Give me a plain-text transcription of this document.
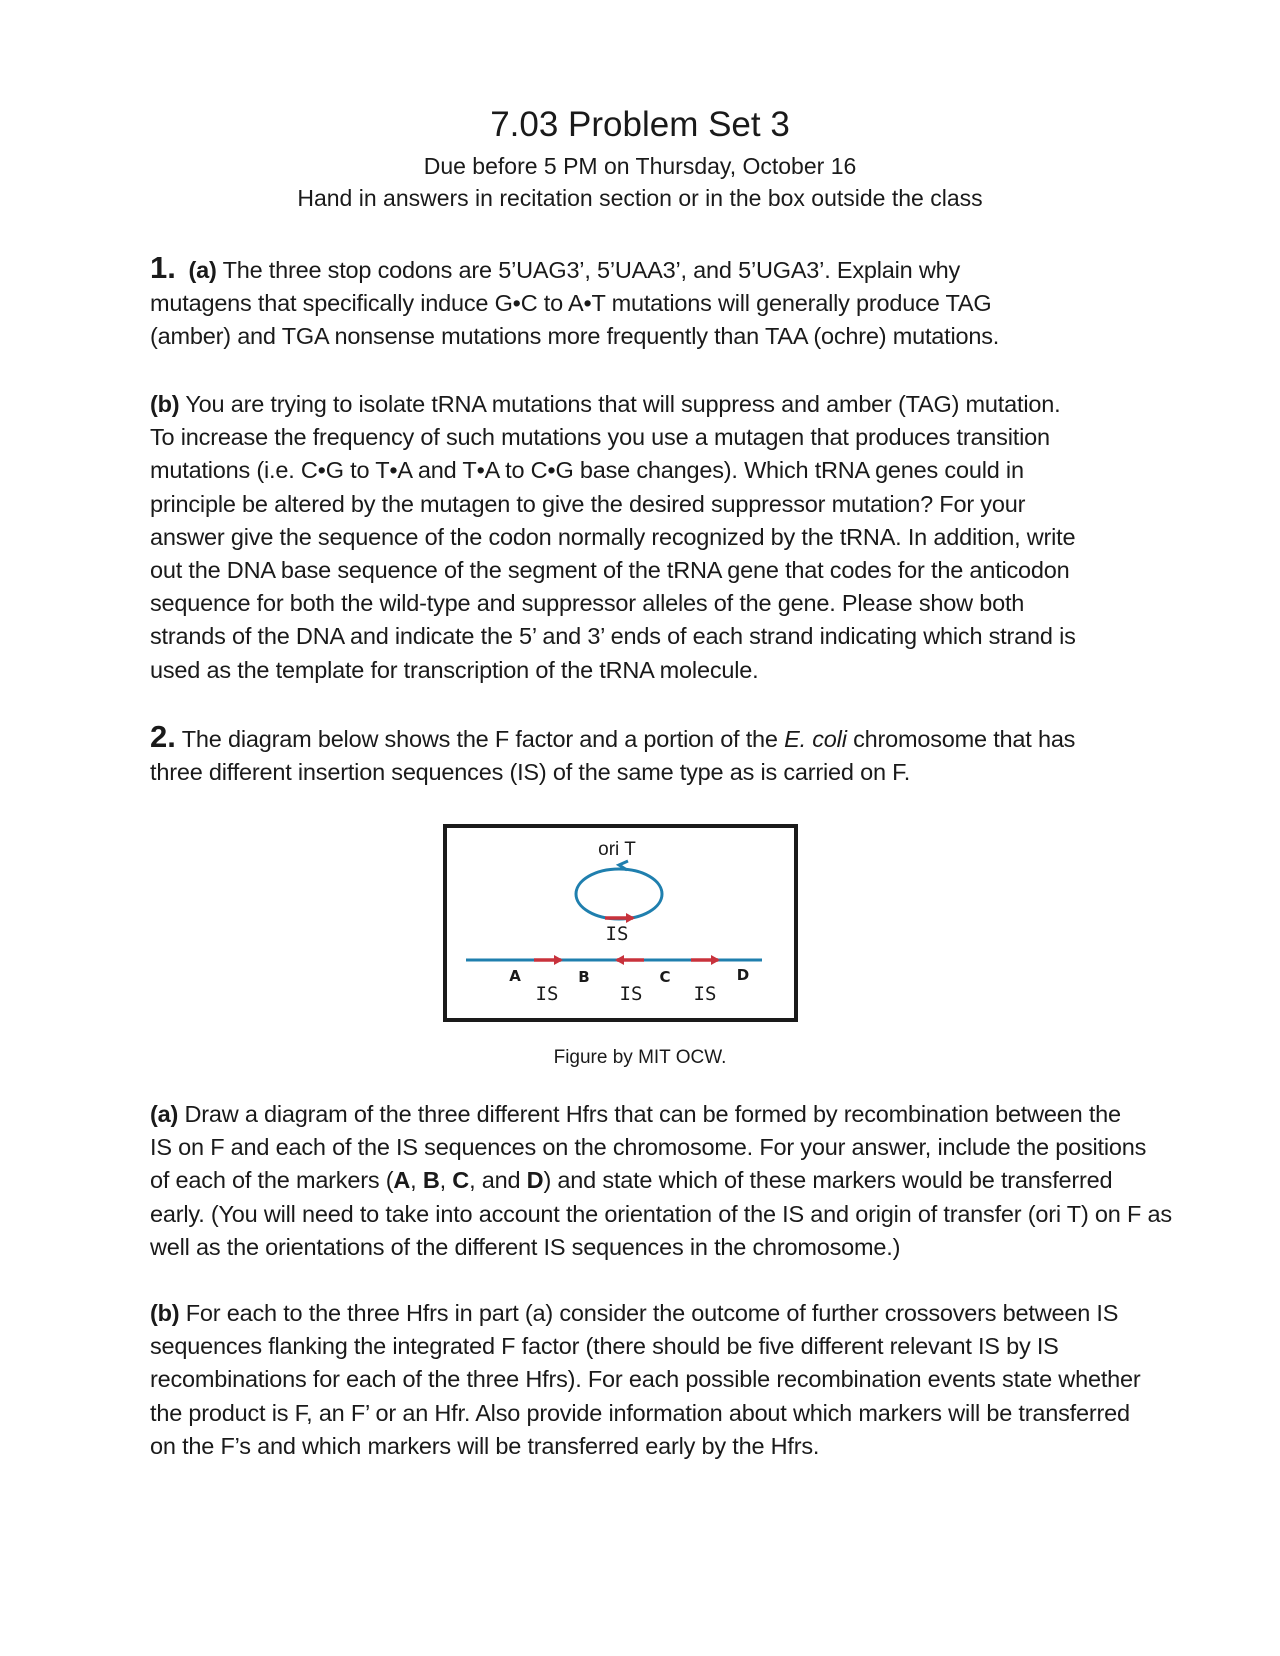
7.03 Problem Set 3
Due before 5 PM on Thursday, October 16
Hand in answers in recitation section or in the box outside the class
1. (a) The three stop codons are 5’UAG3’, 5’UAA3’, and 5’UGA3’. Explain why
mutagens that specifically induce G•C to A•T mutations will generally produce TAG
(amber) and TGA nonsense mutations more frequently than TAA (ochre) mutations.
(b) You are trying to isolate tRNA mutations that will suppress and amber (TAG) mutation.
To increase the frequency of such mutations you use a mutagen that produces transition
mutations (i.e. C•G to T•A and T•A to C•G base changes). Which tRNA genes could in
principle be altered by the mutagen to give the desired suppressor mutation? For your
answer give the sequence of the codon normally recognized by the tRNA. In addition, write
out the DNA base sequence of the segment of the tRNA gene that codes for the anticodon
sequence for both the wild-type and suppressor alleles of the gene. Please show both
strands of the DNA and indicate the 5’ and 3’ ends of each strand indicating which strand is
used as the template for transcription of the tRNA molecule.
2. The diagram below shows the F factor and a portion of the E. coli chromosome that has
three different insertion sequences (IS) of the same type as is carried on F.
ori T
IS
A	B	C	D
IS	IS	IS
Figure by MIT OCW.
(a) Draw a diagram of the three different Hfrs that can be formed by recombination between the
IS on F and each of the IS sequences on the chromosome. For your answer, include the positions
of each of the markers (A, B, C, and D) and state which of these markers would be transferred
early. (You will need to take into account the orientation of the IS and origin of transfer (ori T) on F as
well as the orientations of the different IS sequences in the chromosome.)
(b) For each to the three Hfrs in part (a) consider the outcome of further crossovers between IS
sequences flanking the integrated F factor (there should be five different relevant IS by IS
recombinations for each of the three Hfrs). For each possible recombination events state whether
the product is F, an F’ or an Hfr. Also provide information about which markers will be transferred
on the F’s and which markers will be transferred early by the Hfrs.
